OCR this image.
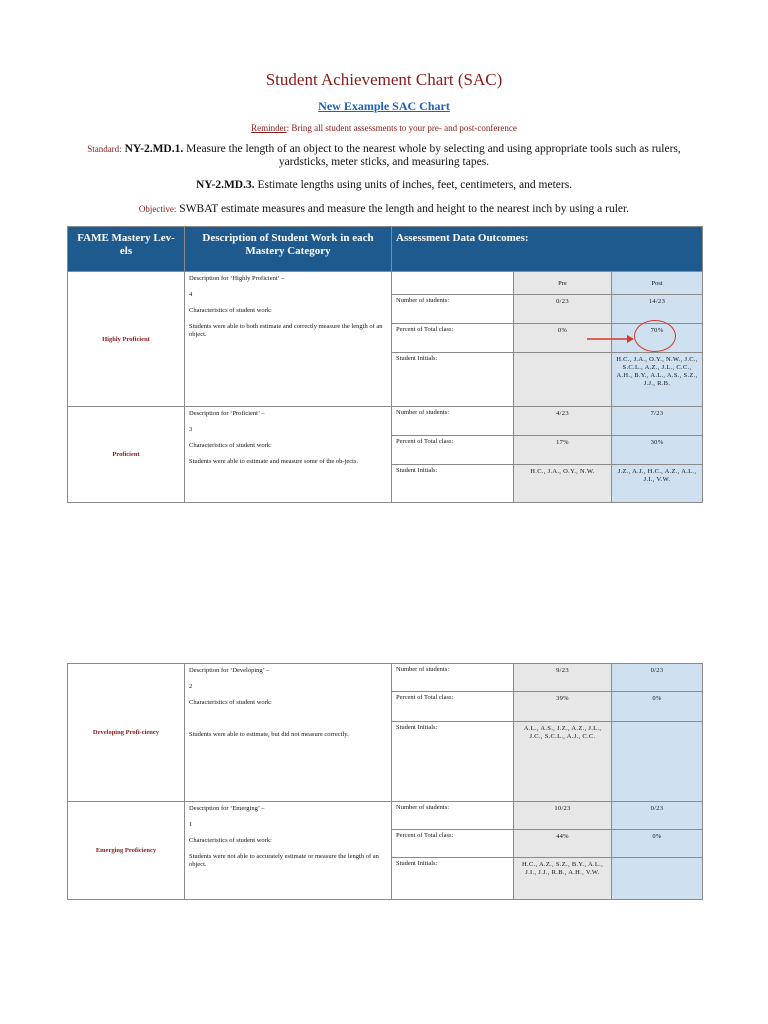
Student Achievement Chart (SAC)
New Example SAC Chart
Reminder: Bring all student assessments to your pre- and post-conference
Standard: NY-2.MD.1. Measure the length of an object to the nearest whole by selecting and using appropriate tools such as rulers, yardsticks, meter sticks, and measuring tapes.
NY-2.MD.3. Estimate lengths using units of inches, feet, centimeters, and meters.
Objective: SWBAT estimate measures and measure the length and height to the nearest inch by using a ruler.
FAME Mastery Lev-els	Description of Student Work in each Mastery Category	Assessment Data Outcomes:		
Highly Proficient	Description for ‘Highly Proficient’ –

4

Characteristics of student work:

Students were able to both estimate and correctly measure the length of an object.		Pre	Post
		Number of students:	0/23	14/23
		Percent of Total class:	0%	70%
		Student Initials:		H.C., J.A., O.Y., N.W., J.C., S.C.L., A.Z., J.L., C.C., A.H., B.Y., A.L., A.S., S.Z., J.J., R.B.
Proficient	Description for ‘Proficient’ –

3

Characteristics of student work:

Students were able to estimate and measure some of the ob-jects.	Number of students:	4/23	7/23
		Percent of Total class:	17%	30%
		Student Initials:	H.C., J.A., O.Y., N.W.	J.Z., A.J., H.C., A.Z., A.L., J.I., V.W.
Developing Profi-ciency	Description for ‘Developing’ –

2

Characteristics of student work:

Students were able to estimate, but did not measure correctly.	Number of students:	9/23	0/23
		Percent of Total class:	39%	0%
		Student Initials:	A.L., A.S., J.Z., A.Z., J.L., J.C., S.C.L., A.J., C.C.	
Emerging Proficiency	Description for ‘Emerging’ –

1

Characteristics of student work:

Students were not able to accurately estimate or measure the length of an object.	Number of students:	10/23	0/23
		Percent of Total class:	44%	0%
		Student Initials:	H.C., A.Z., S.Z., B.Y., A.L., J.I., J.J., R.B., A.H., V.W.	
